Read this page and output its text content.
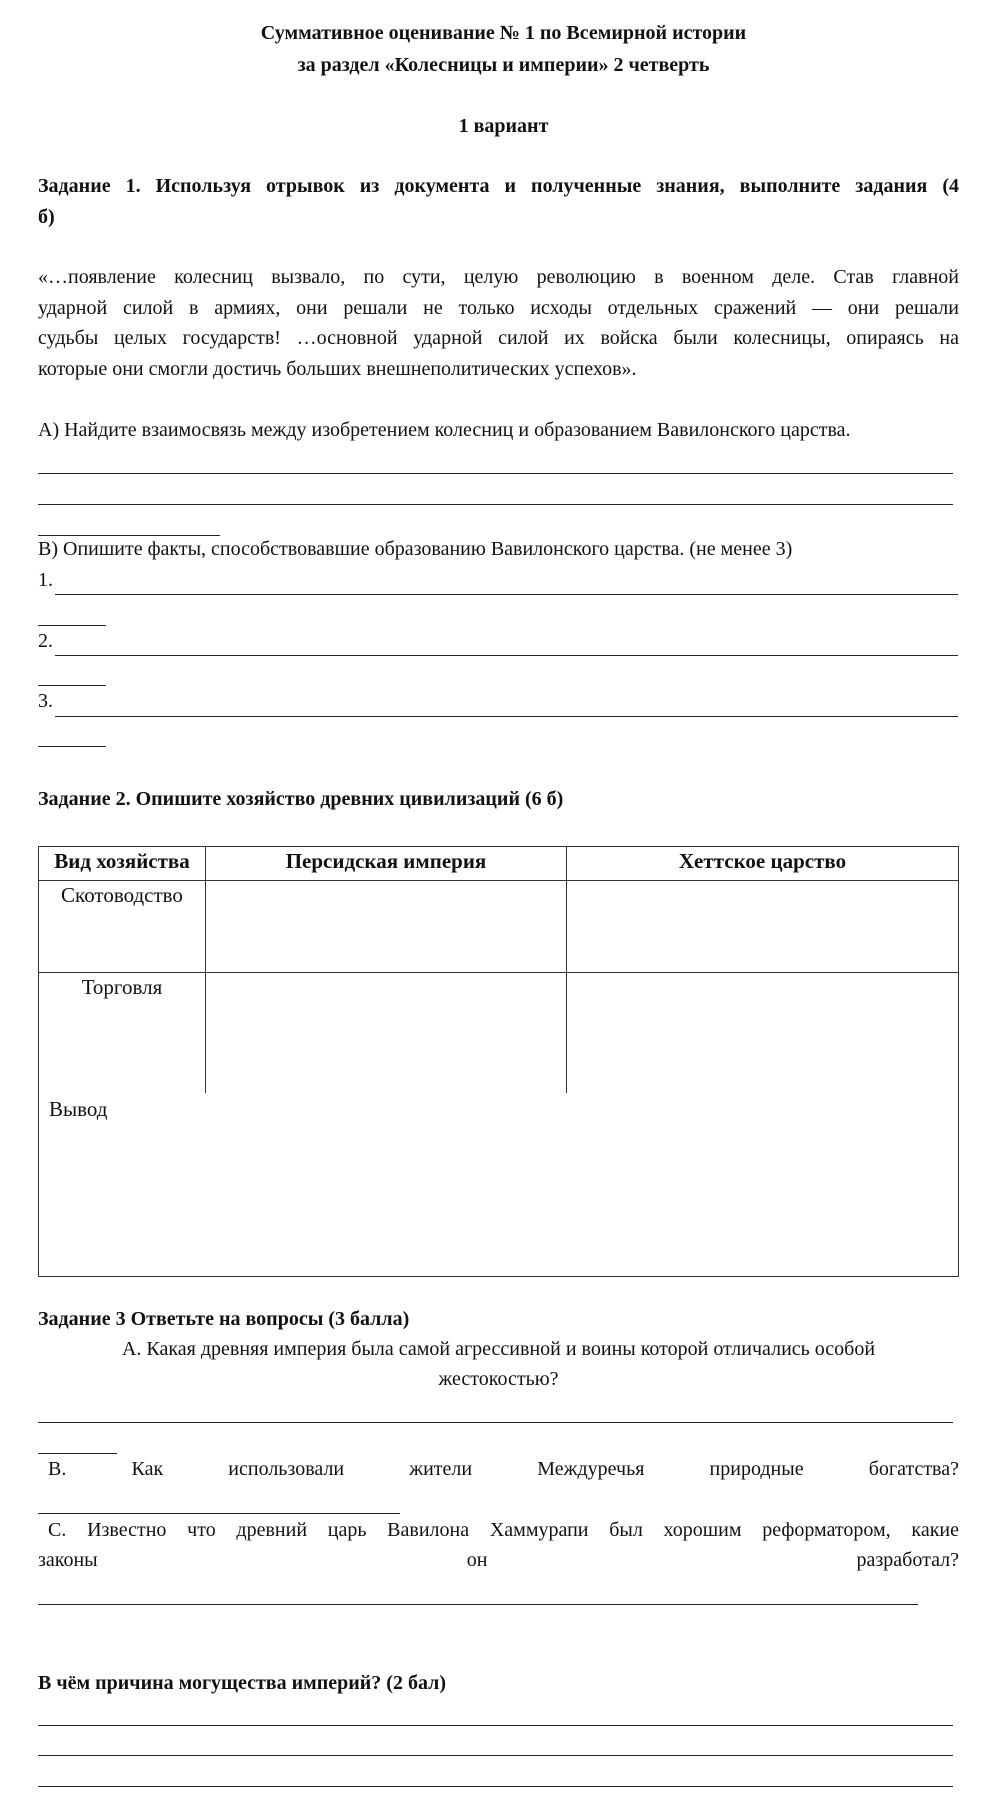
Суммативное оценивание № 1 по Всемирной истории
за раздел «Колесницы и империи» 2 четверть
1 вариант
Задание 1. Используя отрывок из документа и полученные знания, выполните задания (4
б)
«…появление колесниц вызвало, по сути, целую революцию в военном деле. Став главной
ударной силой в армиях, они решали не только исходы отдельных сражений — они решали
судьбы целых государств! …основной ударной силой их войска были колесницы, опираясь на
которые они смогли достичь больших внешнеполитических успехов».
А) Найдите взаимосвязь между изобретением колесниц и образованием Вавилонского царства.
В) Опишите факты, способствовавшие образованию Вавилонского царства. (не менее 3)
1.
2.
3.
Задание 2. Опишите хозяйство древних цивилизаций (6 б)
Вид хозяйства	Персидская империя	Хеттское царство
Скотоводство		
Торговля		
Вывод		
Задание 3 Ответьте на вопросы (3 балла)
А. Какая древняя империя была самой агрессивной и воины которой отличались особой
жестокостью?
В. Как использовали жители Междуречья природные богатства?
С. Известно что древний царь Вавилона Хаммурапи был хорошим реформатором, какие
законы он разработал?
В чём причина могущества империй? (2 бал)
